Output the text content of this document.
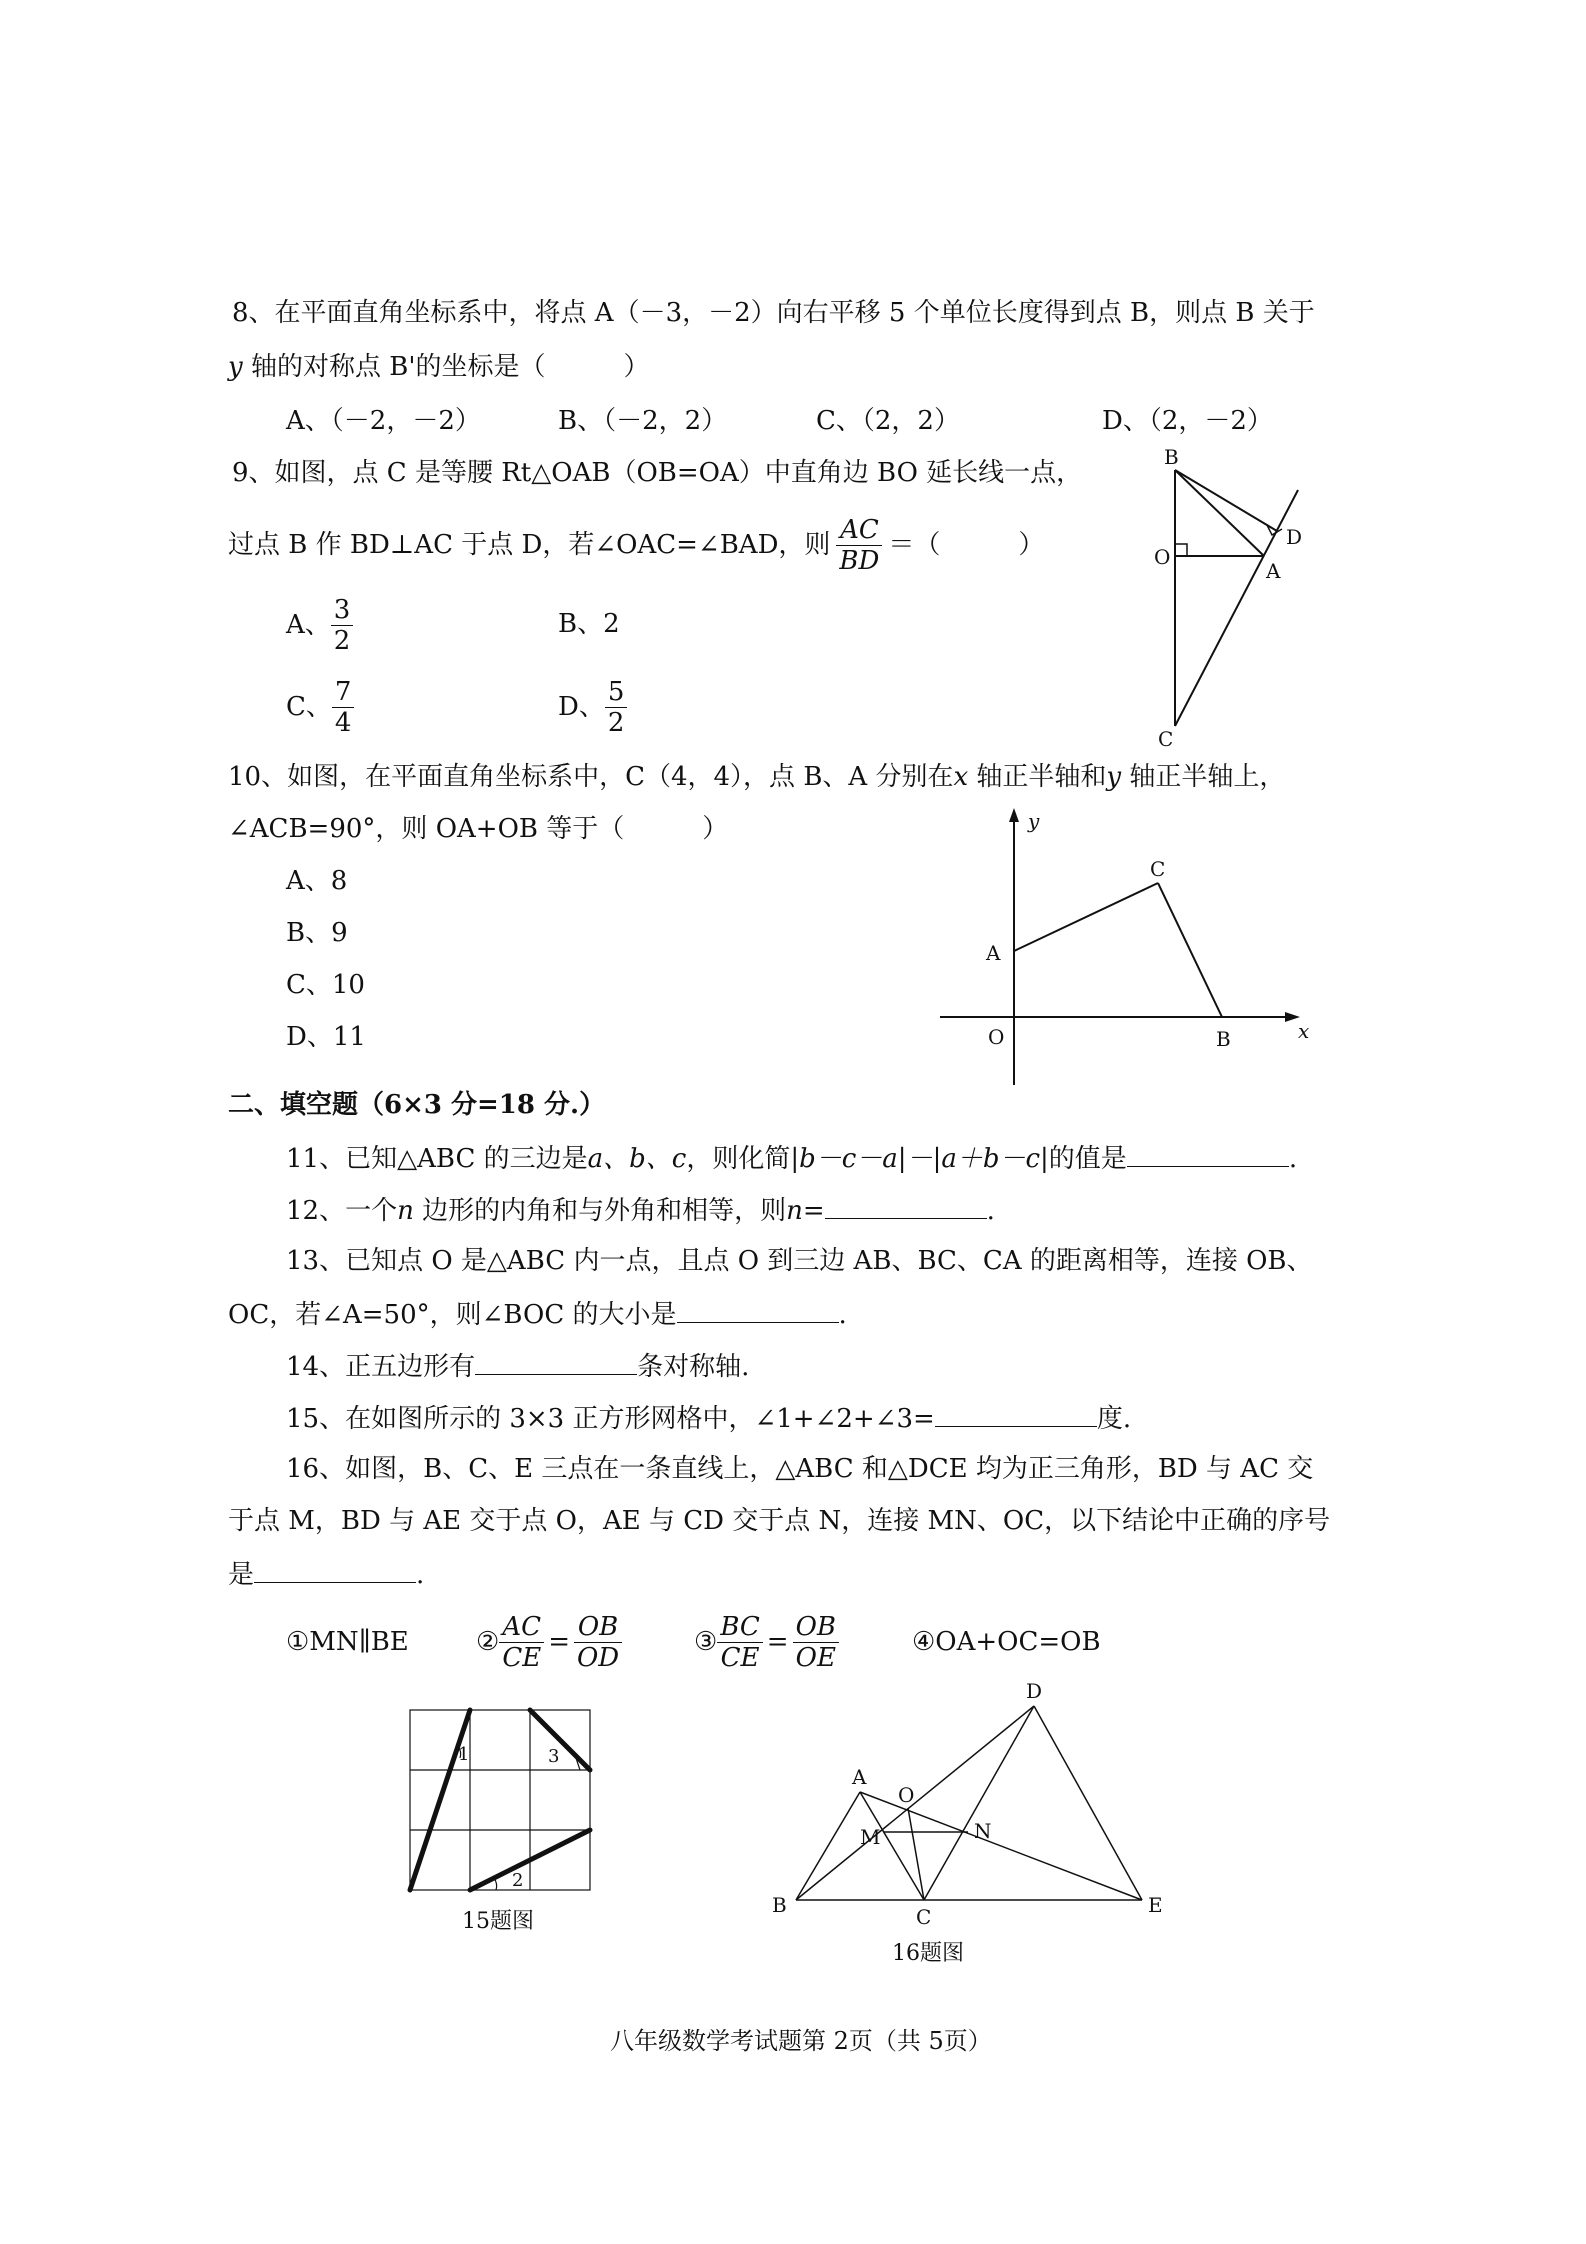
8、在平面直角坐标系中，将点 A（－3，－2）向右平移 5 个单位长度得到点 B，则点 B 关于
y 轴的对称点 B'的坐标是（　　　）
A、（－2，－2）	B、（－2，2）	C、（2，2）	D、（2，－2）
9、如图，点 C 是等腰 Rt△OAB（OB=OA）中直角边 BO 延长线一点，
过点 B 作 BD⊥AC 于点 D，若∠OAC=∠BAD，则 $\frac{AC}{BD}$ ＝（　　　）
A、 $\frac{3}{2}$	B、2
C、 $\frac{7}{4}$	D、 $\frac{5}{2}$
B
O
D
A
C
10、如图，在平面直角坐标系中，C（4，4），点 B、A 分别在x 轴正半轴和y 轴正半轴上，
∠ACB=90°，则 OA+OB 等于（　　　）
A、8
B、9
C、10
D、11
y
x
C
A
O	B
二、填空题（6×3 分=18 分.）
11、已知△ABC 的三边是a、b、c，则化简|b－c－a|－|a＋b－c|的值是	.
12、一个n 边形的内角和与外角和相等，则n=	.
13、已知点 O 是△ABC 内一点，且点 O 到三边 AB、BC、CA 的距离相等，连接 OB、
OC，若∠A=50°，则∠BOC 的大小是	.
14、正五边形有	条对称轴.
15、在如图所示的 3×3 正方形网格中，∠1+∠2+∠3=	度.
16、如图，B、C、E 三点在一条直线上，△ABC 和△DCE 均为正三角形，BD 与 AC 交
于点 M，BD 与 AE 交于点 O，AE 与 CD 交于点 N，连接 MN、OC，以下结论中正确的序号
是	.
①MN∥BE	② $\frac{AC}{CE} = \frac{OB}{OD}$	③ $\frac{BC}{CE} = \frac{OB}{OE}$	④OA+OC=OB
1	3
2
15题图
D
A
O
M	N
B	C	E
16题图
八年级数学考试题第 2页（共 5页）
